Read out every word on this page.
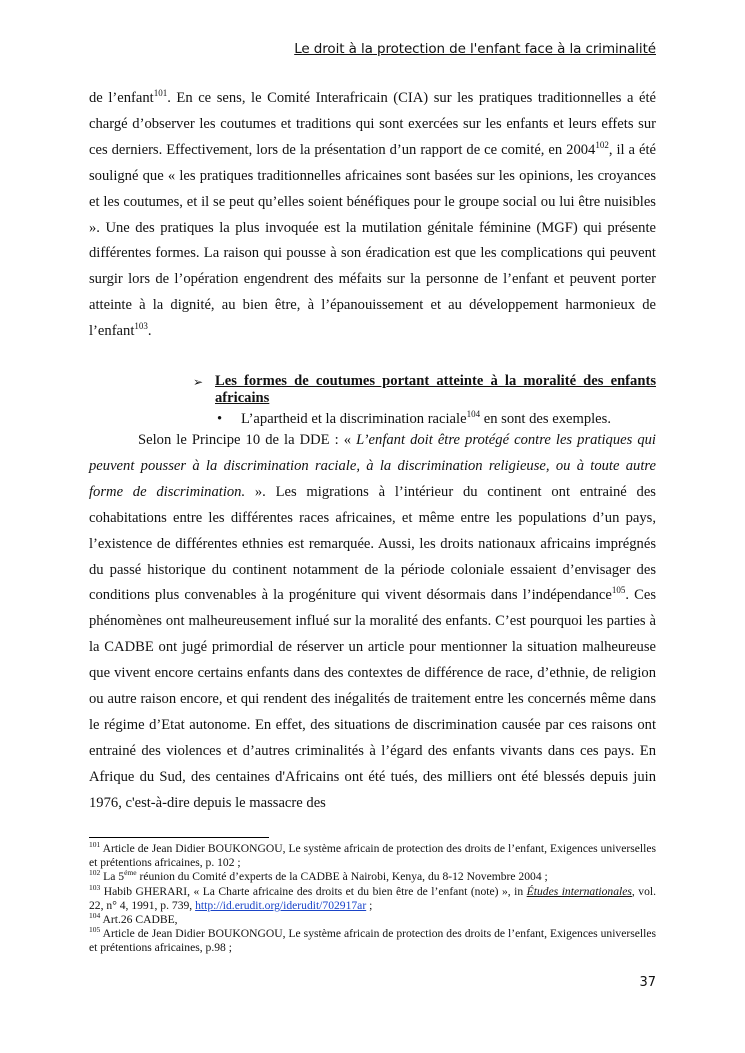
Le droit à la protection de l'enfant face à la criminalité
de l’enfant$^{101}$. En ce sens, le Comité Interafricain (CIA) sur les pratiques traditionnelles a été chargé d’observer les coutumes et traditions qui sont exercées sur les enfants et leurs effets sur ces derniers. Effectivement, lors de la présentation d’un rapport de ce comité, en 2004$^{102}$, il a été souligné que « les pratiques traditionnelles africaines sont basées sur les opinions, les croyances et les coutumes, et il se peut qu’elles soient bénéfiques pour le groupe social ou lui être nuisibles ». Une des pratiques la plus invoquée est la mutilation génitale féminine (MGF) qui présente différentes formes. La raison qui pousse à son éradication est que les complications qui peuvent surgir lors de l’opération engendrent des méfaits sur la personne de l’enfant et peuvent porter atteinte à la dignité, au bien être, à l’épanouissement et au développement harmonieux de l’enfant$^{103}$.
➢ Les formes de coutumes portant atteinte à la moralité des enfants africains
•	L’apartheid et la discrimination raciale$^{104}$ en sont des exemples.
Selon le Principe 10 de la DDE : « L’enfant doit être protégé contre les pratiques qui peuvent pousser à la discrimination raciale, à la discrimination religieuse, ou à toute autre forme de discrimination. ». Les migrations à l’intérieur du continent ont entrainé des cohabitations entre les différentes races africaines, et même entre les populations d’un pays, l’existence de différentes ethnies est remarquée. Aussi, les droits nationaux africains imprégnés du passé historique du continent notamment de la période coloniale essaient d’envisager des conditions plus convenables à la progéniture qui vivent désormais dans l’indépendance$^{105}$. Ces phénomènes ont malheureusement influé sur la moralité des enfants. C’est pourquoi les parties à la CADBE ont jugé primordial de réserver un article pour mentionner la situation malheureuse que vivent encore certains enfants dans des contextes de différence de race, d’ethnie, de religion ou autre raison encore, et qui rendent des inégalités de traitement entre les concernés même dans le régime d’Etat autonome. En effet, des situations de discrimination causée par ces raisons ont entrainé des violences et d’autres criminalités à l’égard des enfants vivants dans ces pays. En Afrique du Sud, des centaines d'Africains ont été tués, des milliers ont été blessés depuis juin 1976, c'est-à-dire depuis le massacre des

$^{101}$ Article de Jean Didier BOUKONGOU, Le système africain de protection des droits de l’enfant, Exigences universelles et prétentions africaines, p. 102 ;

$^{102}$ La $5^{éme}$ réunion du Comité d’experts de la CADBE à Nairobi, Kenya, du 8-12 Novembre 2004 ;

$^{103}$ Habib GHERARI, « La Charte africaine des droits et du bien être de l’enfant (note) », in Études internationales, vol. 22, n° 4, 1991, p. 739, http://id.erudit.org/iderudit/702917ar ;

$^{104}$ Art.26 CADBE,

$^{105}$ Article de Jean Didier BOUKONGOU, Le système africain de protection des droits de l’enfant, Exigences universelles et prétentions africaines, p.98 ;

37
